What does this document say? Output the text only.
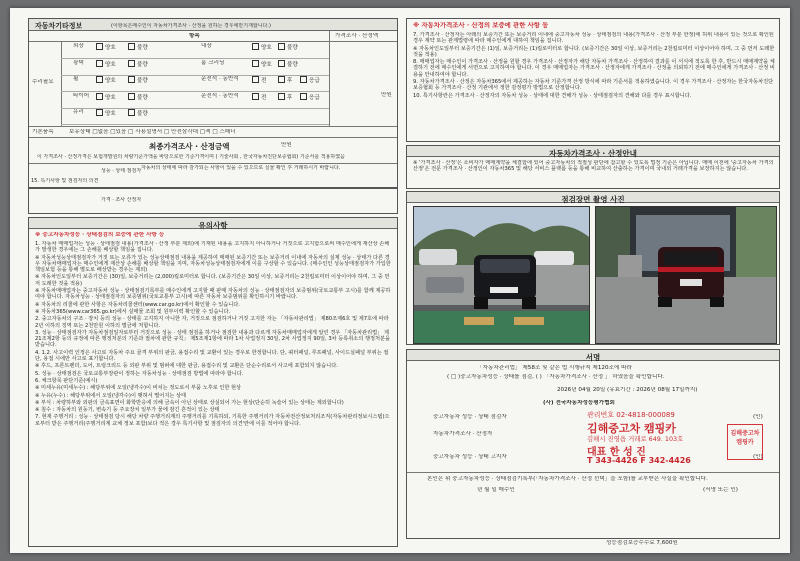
자동차기타정보	(이항목은매수인이 자동차가격조사 · 산정을 원하는 경우에만기재합니다.)
항목	가격조사 · 산정액
수리필요
만원
외장	양호	불량	내장	양호	불량
광택	양호	불량	룸 크리닝	양호	불량
휠	양호	불량	운전석 · 동반석	전	후	응급
타이어	양호	불량	운전석 · 동반석	전	후	응급
유리	양호	불량
기본품목	보유상태 □없음 □있음 □ 사용설명서 □ 안전삼각대 □잭 □ 스패너
최종가격조사 · 산정금액	만원
이 가격조사 · 산정가격은 보험개발원의 차량기준가액을 바탕으로한 기준가격이며 ( 기술사회 , 한국자동차진단보증협회) 기준서를 적용하였음
15. 특기사항 및 점검자의 의견
성능 · 상태 점검자 자동차의 상태에 따라 감가되는 사항이 있을 수 있으므로 실물 확인 후 거래하시기 바랍니다.
가격 · 조사 산정자
유의사항
※ 중고자동차성능 · 상태점검의 보증에 관한 사항 등
1. 자동차 매매업자는 성능 · 상태점검 내용(가격조사 · 산정 부분 제외)에 기재된 내용을 고지하지 아니하거나 거짓으로 고지함으로써 매수인에게 재산상 손해가 발생한 경우에는 그 손해를 배상할 책임을 집니다.
※ 자동차성능상태점검자가 거짓 또는 오류가 있는 성능상태점검 내용을 제공하여 매매된 보증기간 또는 보증거리 이내에 자동차의 실제 성능 · 상태가 다른 경우 자동차매매업자는 매수인에게 재산상 손해를 배상할 책임을 지며, 자동차성능상태점검자에게 이를 구상할 수 있습니다. (매수인인 성능상태점검자가 가입한 책임보험 등을 통해 별도로 배상받는 경우는 제외)
※ 자동차인도일부터 보증기간은 (30)일, 보증거리는 (2,000)킬로미터로 합니다. (보증기간은 30일 이상, 보증거리는 2천킬로미터 이상이어야 하며, 그 중 먼저 도래한 것을 적용)
※ 자동차매매업자는 중고자동차 성능 · 상태점검기록부를 매수인에게 고지할 때 판매 자동차의 성능 · 상태점검자의 보증범위(국토교통부 고시)를 함께 제공하여야 합니다. 자동차성능 · 상태점검자의 보증범위(국토교통부 고시)에 따른 자동차 보증범위를 확인하시기 바랍니다.
※ 자동차의 리콜에 관한 사항은 자동차리콜센터(www.car.go.kr)에서 확인할 수 있습니다.
※ 자동차365(www.car365.go.kr)에서 실매물 조회 및 원부이력 확인할 수 있습니다.
2. 중고자동차의 구조 · 장치 등의 성능 · 상태를 고지하지 아니한 자, 거짓으로 점검하거나 거짓 고지한 자는 「자동차관리법」 제80조제6호 및 제7호에 따라 2년 이하의 징역 또는 2천만원 이하의 벌금에 처합니다.
3. 성능 · 상태점검자가 자동차점검일자로부터 거짓으로 성능 · 상태 점검을 하거나 점검한 내용과 다르게 자동차매매업자에게 알린 경우 「자동차관리법」 제21조제2항 등의 규정에 따른 행정처분의 기준과 절차에 관한 규칙」 제5조제1항에 따라 1차 사업정지 30일, 2차 사업정지 90일, 3차 등록취소의 행정처분을 받습니다.
4. 1.2. 사고이력 인정은 사고로 자동차 주요 골격 부위의 판금, 용접수리 및 교환이 있는 경우로 한정합니다. 단, 쿼터패널, 루프패널, 사이드실패널 부위는 절단, 용접 시에만 사고로 표기합니다.
※ 후드, 프론트펜더, 도어, 트렁크리드 등 외판 부위 및 범퍼에 대한 판금, 용접수리 및 교환은 단순수리로서 사고에 포함되지 않습니다.
5. 성능 · 상태점검은 국토교통부장관이 정하는 자동차성능 · 상태점검 방법에 따라야 합니다.
6. 체크항목 판단기준(예시)
※ 미세누유(미세누수) : 해당부위에 오일(냉각수)이 비치는 정도로서 부품 노후로 인한 현상
※ 누유(누수) : 해당부위에서 오일(냉각수)이 맺혀서 떨어지는 상태
※ 부식 : 차량하부와 외판의 금속표면이 화학반응에 의해 금속이 아닌 상태로 상실되어 가는 현상(단순히 녹슬어 있는 상태는 제외합니다)
※ 침수 : 자동차의 원동기, 변속기 등 주요장치 일부가 물에 잠긴 흔적이 있는 상태
7. 현재 주행거리 : 성능 · 상태점검 당시 해당 차량 주행거리계의 주행거리를 기록하되, 기록한 주행거리가 자동차전산정보처리조직(자동차관리정보시스템)으로부터 받은 주행거리(주행거리계 교체 정보 포함)보다 적은 경우 특기사항 및 점검자의 의견'란에 이를 적어야 합니다.
※ 자동차가격조사 · 산정의 보증에 관한 사항 등
7. 가격조사 · 산정자는 아래의 보증기간 또는 보증거리 이내에 중고자동차 성능 · 상태점검의 내용(가격조사 · 산정 부분 한정)에 허위 내용이 있는 것으로 확인된 경우 계약 또는 관계법령에 따라 매수인에게 대하여 책임을 집니다.
※ 자동차인도일부터 보증기간은 (1)일, 보증거리는 (1)킬로미터로 합니다. (보증기간은 30일 이상, 보증거리는 2천킬로미터 이상이어야 하며, 그 중 먼저 도래한 것을 적용)
8. 매매업자는 매수인이 가격조사 · 산정을 원할 경우 가격조사 · 산정자가 해당 자동차 가격조사 · 산정하여 결과를 이 서식에 적도록 한 후, 반드시 매매계약을 체결하기 전에 매수인에게 서면으로 고지하여야 합니다. 이 경우 매매업자는 가격조사 · 산정자에게 가격조사 · 산정을 의뢰하기 전에 매수인에게 가격조사 · 산정 비용을 안내하여야 합니다.
9. 자동차가격조사 · 산정은 자동차365에서 제공하는 자동차 기준가격 산정 방식에 따라 기준서를 적용하였습니다. 이 경우 가격조사 · 산정자는 한국자동차진단보증협회 등 가격조사 · 산정 기관에서 정한 감정평가 방법으로 산정합니다.
10. 특기사항란은 가격조사 · 산정자의 자동차 성능 · 상태에 대한 견해가 성능 · 상태점검자의 견해와 다를 경우 표시합니다.
자동차가격조사 · 산정안내
※ '가격조사 · 산정'은 소비자가 매매계약을 체결함에 있어 중고자동차의 적절성 판단에 참고할 수 있도록 법정 기준은 아닙니다. 매매 이전에 '중고자동차 가격의 산정'은 전문 가격조사 · 산정인이 자동차365 및 해당 서비스 플랫폼 등을 통해 비교하여 산출하는 가격이며 국내외 거래가격을 보장하지는 않습니다.
점검장면 촬영 사진
서명
「자동차관리법」 제58조 및 같은 법 시행규칙 제120조에 따라
( □ )중고자동차성능 · 상태를 점검, ( ) 「자동차가격조사 · 산정 」 하였음을 확인합니다.
2026년 04월 20일 (유효기간 : 2026년 08월 17일까지)
(사) 전국자동차성능평가협회
중고자동차 성능 · 상태 점검자
자동차가격조사 · 산정자
중고자동차 성능 · 상태 고지자
(인)
(인)
관리번호 02-4818-000089
김해중고차 캠핑카
김해시 진영읍 거래로 649. 103호
대표 한 성 진
T 343-4426 F 342-4426
김해중고차캠핑카
본인은 위 중고자동차성능 · 상태점검기록부(「자동차가격조사 · 산정 선택」을 포함)를 교부받은 사실을 확인합니다.
년 월 일 매수인	(서명 또는 인)
성능점검보증수수료 7,600원
